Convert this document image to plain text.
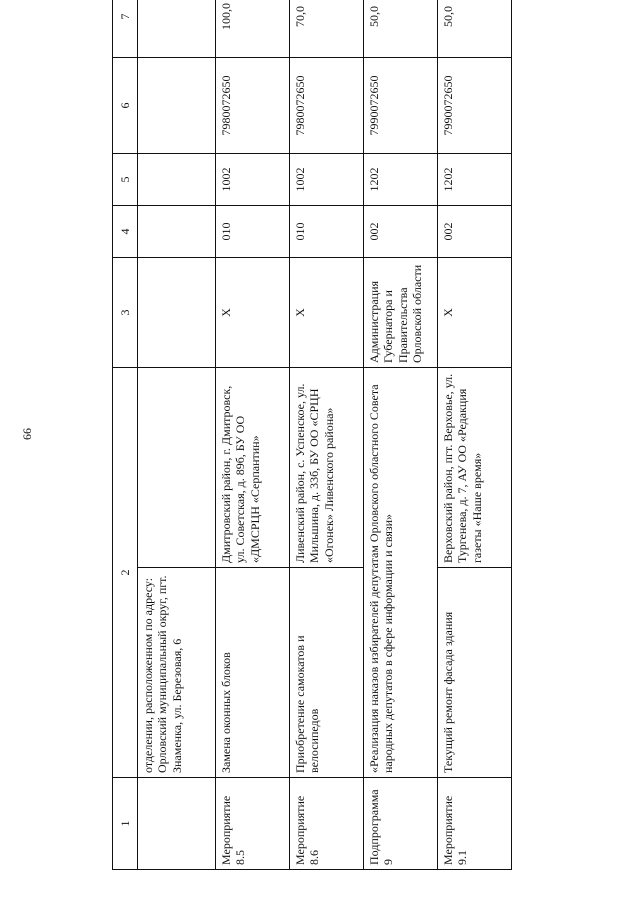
66
1	2		3	4	5	6	7
	отделении, расположенном по адресу: Орловский муниципальный округ, пгт. Знаменка, ул. Березовая, 6						
Мероприятие 8.5	Замена оконных блоков	Дмитровский район, г. Дмитровск, ул. Советская, д. 89б, БУ ОО «ДМСРЦН «Серпантин»	Х	010	1002	7980072650	100,0
Мероприятие 8.6	Приобретение самокатов и велосипедов	Ливенский район, с. Успенское, ул. Мильшина, д. 33б, БУ ОО «СРЦН «Огонек» Ливенского района»	Х	010	1002	7980072650	70,0
Подпрограмма 9	«Реализация наказов избирателей депутатам Орловского областного Совета народных депутатов в сфере информации и связи»		Администрация Губернатора и Правительства Орловской области	002	1202	7990072650	50,0
Мероприятие 9.1	Текущий ремонт фасада здания	Верховский район, пгт. Верховье, ул. Тургенева, д. 7, АУ ОО «Редакция газеты «Наше время»	Х	002	1202	7990072650	50,0
